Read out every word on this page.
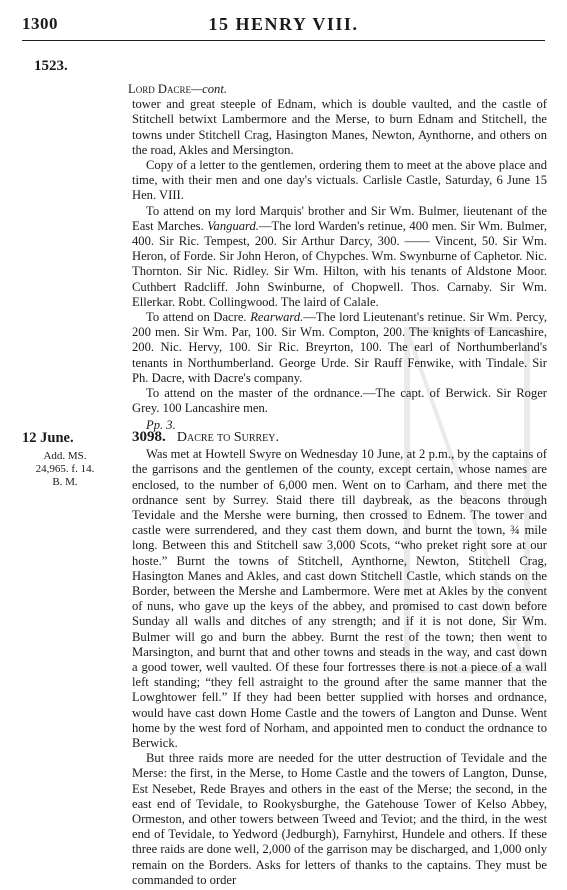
1300	15 HENRY VIII.
1523.

Lord Dacre—cont.

tower and great steeple of Ednam, which is double vaulted, and the castle of Stitchell betwixt Lambermore and the Merse, to burn Ednam and Stitchell, the towns under Stitchell Crag, Hasington Manes, Newton, Aynthorne, and others on the road, Akles and Mersington.

Copy of a letter to the gentlemen, ordering them to meet at the above place and time, with their men and one day's victuals. Carlisle Castle, Saturday, 6 June 15 Hen. VIII.

To attend on my lord Marquis' brother and Sir Wm. Bulmer, lieutenant of the East Marches. Vanguard.—The lord Warden's retinue, 400 men. Sir Wm. Bulmer, 400. Sir Ric. Tempest, 200. Sir Arthur Darcy, 300. —— Vincent, 50. Sir Wm. Heron, of Forde. Sir John Heron, of Chypches. Wm. Swynburne of Caphetor. Nic. Thornton. Sir Nic. Ridley. Sir Wm. Hilton, with his tenants of Aldstone Moor. Cuthbert Radcliff. John Swinburne, of Chopwell. Thos. Carnaby. Sir Wm. Ellerkar. Robt. Collingwood. The laird of Calale.

To attend on Dacre. Rearward.—The lord Lieutenant's retinue. Sir Wm. Percy, 200 men. Sir Wm. Par, 100. Sir Wm. Compton, 200. The knights of Lancashire, 200. Nic. Hervy, 100. Sir Ric. Breyrton, 100. The earl of Northumberland's tenants in Northumberland. George Urde. Sir Rauff Fenwike, with Tindale. Sir Ph. Dacre, with Dacre's company.

To attend on the master of the ordnance.—The capt. of Berwick. Sir Roger Grey. 100 Lancashire men.

Pp. 3.

12 June.
Add. MS.
24,965. f. 14.
B. M.
3098. Dacre to Surrey.

Was met at Howtell Swyre on Wednesday 10 June, at 2 p.m., by the captains of the garrisons and the gentlemen of the county, except certain, whose names are enclosed, to the number of 6,000 men. Went on to Carham, and there met the ordnance sent by Surrey. Staid there till daybreak, as the beacons through Tevidale and the Mershe were burning, then crossed to Ednem. The tower and castle were surrendered, and they cast them down, and burnt the town, ¾ mile long. Between this and Stitchell saw 3,000 Scots, “who preket right sore at our hoste.” Burnt the towns of Stitchell, Aynthorne, Newton, Stitchell Crag, Hasington Manes and Akles, and cast down Stitchell Castle, which stands on the Border, between the Mershe and Lambermore. Were met at Akles by the convent of nuns, who gave up the keys of the abbey, and promised to cast down before Sunday all walls and ditches of any strength; and if it is not done, Sir Wm. Bulmer will go and burn the abbey. Burnt the rest of the town; then went to Marsington, and burnt that and other towns and steads in the way, and cast down a good tower, well vaulted. Of these four fortresses there is not a piece of a wall left standing; “they fell astraight to the ground after the same manner that the Lowghtower fell.” If they had been better supplied with horses and ordnance, would have cast down Home Castle and the towers of Langton and Dunse. Went home by the west ford of Norham, and appointed men to conduct the ordnance to Berwick.

But three raids more are needed for the utter destruction of Tevidale and the Merse: the first, in the Merse, to Home Castle and the towers of Langton, Dunse, Est Nesebet, Rede Brayes and others in the east of the Merse; the second, in the east end of Tevidale, to Rookysburghe, the Gatehouse Tower of Kelso Abbey, Ormeston, and other towers between Tweed and Teviot; and the third, in the west end of Tevidale, to Yedword (Jedburgh), Farnyhirst, Hundele and others. If these three raids are done well, 2,000 of the garrison may be discharged, and 1,000 only remain on the Borders. Asks for letters of thanks to the captains. They must be commanded to order
